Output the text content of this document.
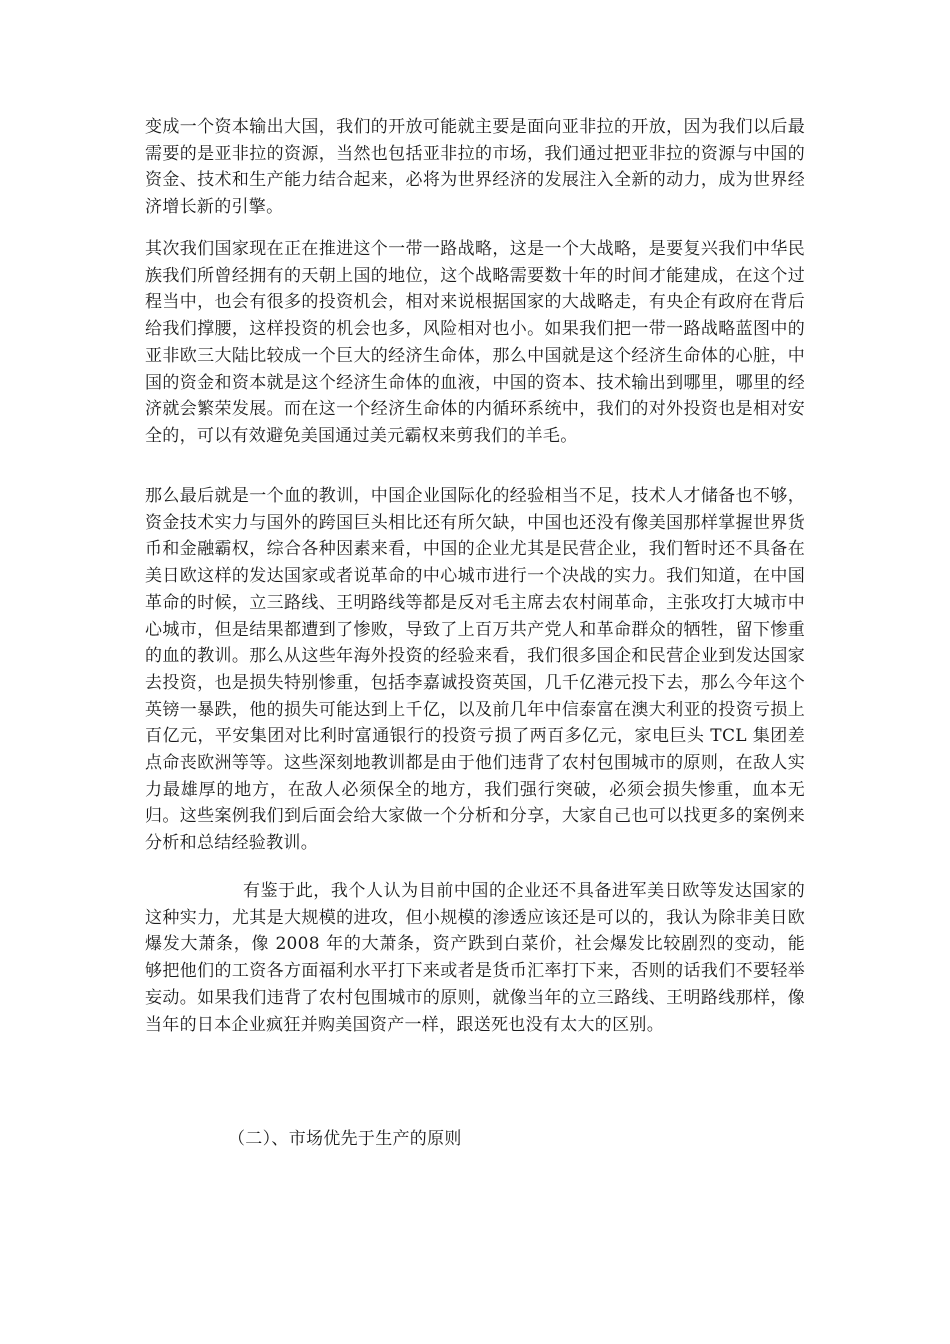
变成一个资本输出大国，我们的开放可能就主要是面向亚非拉的开放，因为我们以后最需要的是亚非拉的资源，当然也包括亚非拉的市场，我们通过把亚非拉的资源与中国的资金、技术和生产能力结合起来，必将为世界经济的发展注入全新的动力，成为世界经济增长新的引擎。
其次我们国家现在正在推进这个一带一路战略，这是一个大战略，是要复兴我们中华民族我们所曾经拥有的天朝上国的地位，这个战略需要数十年的时间才能建成，在这个过程当中，也会有很多的投资机会，相对来说根据国家的大战略走，有央企有政府在背后给我们撑腰，这样投资的机会也多，风险相对也小。如果我们把一带一路战略蓝图中的亚非欧三大陆比较成一个巨大的经济生命体，那么中国就是这个经济生命体的心脏，中国的资金和资本就是这个经济生命体的血液，中国的资本、技术输出到哪里，哪里的经济就会繁荣发展。而在这一个经济生命体的内循环系统中，我们的对外投资也是相对安全的，可以有效避免美国通过美元霸权来剪我们的羊毛。
那么最后就是一个血的教训，中国企业国际化的经验相当不足，技术人才储备也不够，资金技术实力与国外的跨国巨头相比还有所欠缺，中国也还没有像美国那样掌握世界货币和金融霸权，综合各种因素来看，中国的企业尤其是民营企业，我们暂时还不具备在美日欧这样的发达国家或者说革命的中心城市进行一个决战的实力。我们知道，在中国革命的时候，立三路线、王明路线等都是反对毛主席去农村闹革命，主张攻打大城市中心城市，但是结果都遭到了惨败，导致了上百万共产党人和革命群众的牺牲，留下惨重的血的教训。那么从这些年海外投资的经验来看，我们很多国企和民营企业到发达国家去投资，也是损失特别惨重，包括李嘉诚投资英国，几千亿港元投下去，那么今年这个英镑一暴跌，他的损失可能达到上千亿，以及前几年中信泰富在澳大利亚的投资亏损上百亿元，平安集团对比利时富通银行的投资亏损了两百多亿元，家电巨头 TCL 集团差点命丧欧洲等等。这些深刻地教训都是由于他们违背了农村包围城市的原则，在敌人实力最雄厚的地方，在敌人必须保全的地方，我们强行突破，必须会损失惨重，血本无归。这些案例我们到后面会给大家做一个分析和分享，大家自己也可以找更多的案例来分析和总结经验教训。
有鉴于此，我个人认为目前中国的企业还不具备进军美日欧等发达国家的这种实力，尤其是大规模的进攻，但小规模的渗透应该还是可以的，我认为除非美日欧爆发大萧条，像 2008 年的大萧条，资产跌到白菜价，社会爆发比较剧烈的变动，能够把他们的工资各方面福利水平打下来或者是货币汇率打下来，否则的话我们不要轻举妄动。如果我们违背了农村包围城市的原则，就像当年的立三路线、王明路线那样，像当年的日本企业疯狂并购美国资产一样，跟送死也没有太大的区别。
（二）、市场优先于生产的原则
